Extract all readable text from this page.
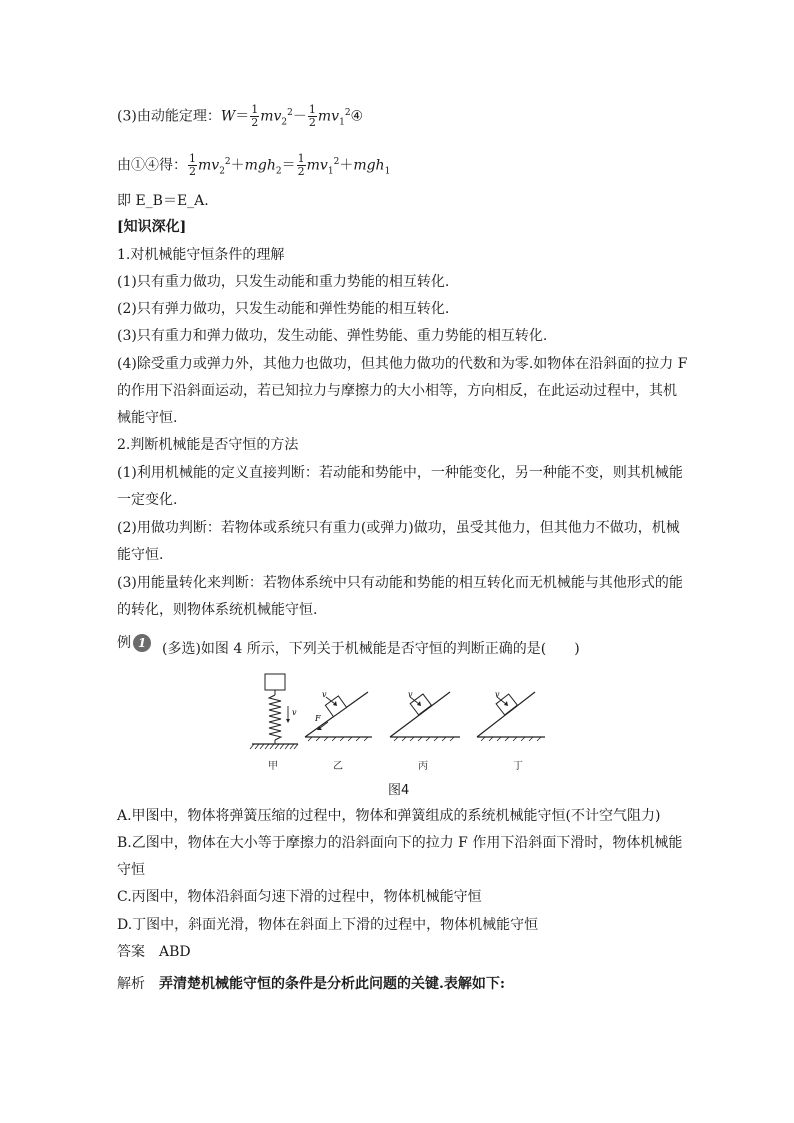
(3)由动能定理：$W= \frac{1}{2} mv_2^2- \frac{1}{2}$ $mv_1^2④$
由①④得： $\frac{1}{2} mv_2^2+mgh_2= \frac{1}{2} mv_1^2+mgh_1$
即 E_B＝E_A.
[知识深化]
1.对机械能守恒条件的理解
(1)只有重力做功，只发生动能和重力势能的相互转化.
(2)只有弹力做功，只发生动能和弹性势能的相互转化.
(3)只有重力和弹力做功，发生动能、弹性势能、重力势能的相互转化.
(4)除受重力或弹力外，其他力也做功，但其他力做功的代数和为零.如物体在沿斜面的拉力 F
的作用下沿斜面运动，若已知拉力与摩擦力的大小相等，方向相反，在此运动过程中，其机
械能守恒.
2.判断机械能是否守恒的方法
(1)利用机械能的定义直接判断：若动能和势能中，一种能变化，另一种能不变，则其机械能
一定变化.
(2)用做功判断：若物体或系统只有重力(或弹力)做功，虽受其他力，但其他力不做功，机械
能守恒.
(3)用能量转化来判断：若物体系统中只有动能和势能的相互转化而无机械能与其他形式的能
的转化，则物体系统机械能守恒.
例 1	(多选)如图 4 所示，下列关于机械能是否守恒的判断正确的是(　　)
v
v
F
v	v
甲	乙	丙	丁
图4
A.甲图中，物体将弹簧压缩的过程中，物体和弹簧组成的系统机械能守恒(不计空气阻力)
B.乙图中，物体在大小等于摩擦力的沿斜面向下的拉力 F 作用下沿斜面下滑时，物体机械能
守恒
C.丙图中，物体沿斜面匀速下滑的过程中，物体机械能守恒
D.丁图中，斜面光滑，物体在斜面上下滑的过程中，物体机械能守恒
答案　 ABD
解析　 弄清楚机械能守恒的条件是分析此问题的关键.表解如下:
